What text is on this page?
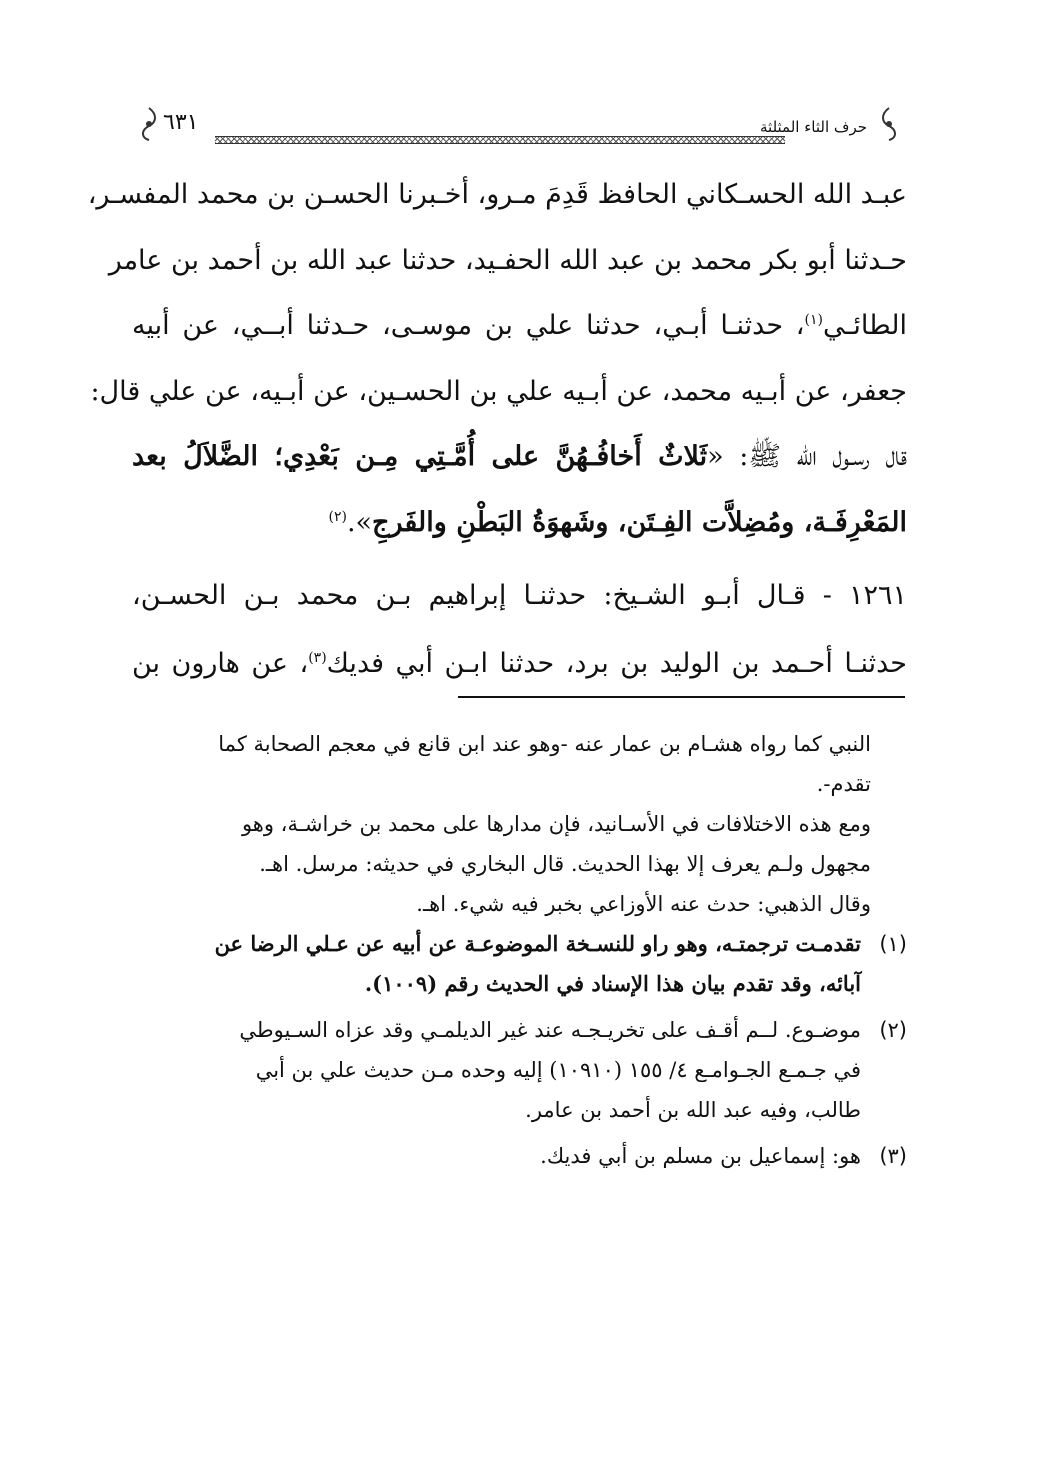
حرف الثاء المثلثة
٦٣١
عبـد الله الحسـكاني الحافظ قَدِمَ مـرو، أخـبرنا الحسـن بن محمد المفسـر،
حـدثنا أبو بكر محمد بن عبد الله الحفـيد، حدثنا عبد الله بن أحمد بن عامر
الطائـي$^{(١)}$، حدثنـا أبـي، حدثنا علي بن موسـى، حـدثنا أبــي، عن أبيه
جعفر، عن أبـيه محمد، عن أبـيه علي بن الحسـين، عن أبـيه، عن علي قال:
قال رسـول الله ﷺ: «ثَلاثٌ أَخافُـهُنَّ على أُمَّـتِي مِـن بَعْدِي؛ الضَّلاَلُ بعد
المَعْرِفَـة، ومُضِلاَّت الفِـتَن، وشَهوَةُ البَطْنِ والفَرجِ».$^{(٢)}$
١٢٦١ - قـال أبـو الشـيخ: حدثنـا إبراهيم بـن محمد بـن الحسـن،
حدثنـا أحـمد بن الوليد بن برد، حدثنا ابـن أبي فديك$^{(٣)}$، عن هارون بن
النبي كما رواه هشـام بن عمار عنه -وهو عند ابن قانع في معجم الصحابة كما
تقدم-.
ومع هذه الاختلافات في الأسـانيد، فإن مدارها على محمد بن خراشـة، وهو
مجهول ولـم يعرف إلا بهذا الحديث. قال البخاري في حديثه: مرسل. اهـ.
وقال الذهبي: حدث عنه الأوزاعي بخبر فيه شيء. اهـ.
(١)
تقدمـت ترجمتـه، وهو راو للنسـخة الموضوعـة عن أبيه عن عـلي الرضا عن
آبائه، وقد تقدم بيان هذا الإسناد في الحديث رقم (١٠٠٩).
(٢)
موضـوع. لــم أقـف على تخريـجـه عند غير الديلمـي وقد عزاه السـيوطي
في جـمـع الجـوامـع ٤/ ١٥٥ (١٠٩١٠) إليه وحده مـن حديث علي بن أبي
طالب، وفيه عبد الله بن أحمد بن عامر.
(٣)
هو: إسماعيل بن مسلم بن أبي فديك.
